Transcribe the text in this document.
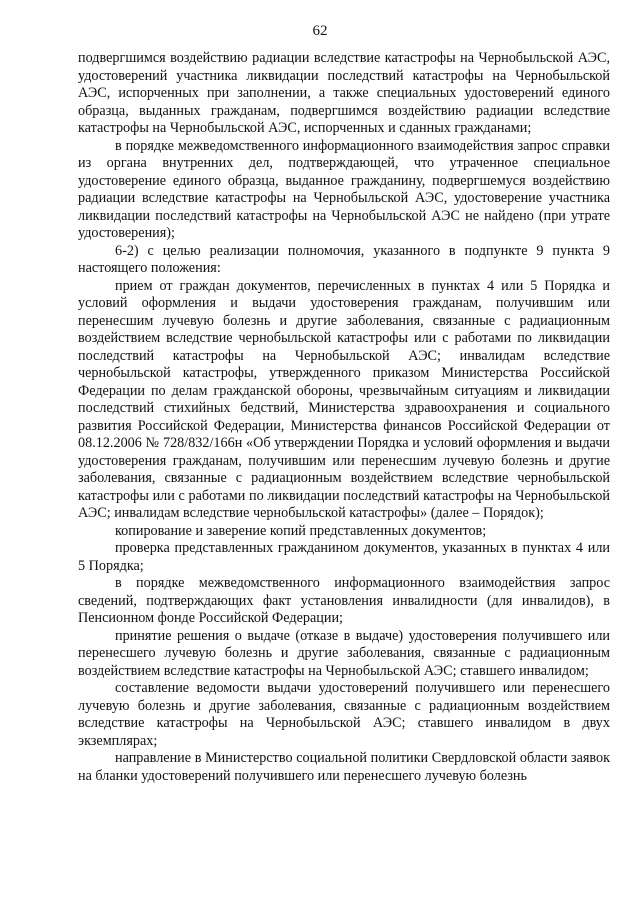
62

подвергшимся воздействию радиации вследствие катастрофы на Чернобыльской АЭС, удостоверений участника ликвидации последствий катастрофы на Чернобыльской АЭС, испорченных при заполнении, а также специальных удостоверений единого образца, выданных гражданам, подвергшимся воздействию радиации вследствие катастрофы на Чернобыльской АЭС, испорченных и сданных гражданами;

в порядке межведомственного информационного взаимодействия запрос справки из органа внутренних дел, подтверждающей, что утраченное специальное удостоверение единого образца, выданное гражданину, подвергшемуся воздействию радиации вследствие катастрофы на Чернобыльской АЭС, удостоверение участника ликвидации последствий катастрофы на Чернобыльской АЭС не найдено (при утрате удостоверения);

6-2) с целью реализации полномочия, указанного в подпункте 9 пункта 9 настоящего положения:

прием от граждан документов, перечисленных в пунктах 4 или 5 Порядка и условий оформления и выдачи удостоверения гражданам, получившим или перенесшим лучевую болезнь и другие заболевания, связанные с радиационным воздействием вследствие чернобыльской катастрофы или с работами по ликвидации последствий катастрофы на Чернобыльской АЭС; инвалидам вследствие чернобыльской катастрофы, утвержденного приказом Министерства Российской Федерации по делам гражданской обороны, чрезвычайным ситуациям и ликвидации последствий стихийных бедствий, Министерства здравоохранения и социального развития Российской Федерации, Министерства финансов Российской Федерации от 08.12.2006 № 728/832/166н «Об утверждении Порядка и условий оформления и выдачи удостоверения гражданам, получившим или перенесшим лучевую болезнь и другие заболевания, связанные с радиационным воздействием вследствие чернобыльской катастрофы или с работами по ликвидации последствий катастрофы на Чернобыльской АЭС; инвалидам вследствие чернобыльской катастрофы» (далее – Порядок);

копирование и заверение копий представленных документов;

проверка представленных гражданином документов, указанных в пунктах 4 или 5 Порядка;

в порядке межведомственного информационного взаимодействия запрос сведений, подтверждающих факт установления инвалидности (для инвалидов), в Пенсионном фонде Российской Федерации;

принятие решения о выдаче (отказе в выдаче) удостоверения получившего или перенесшего лучевую болезнь и другие заболевания, связанные с радиационным воздействием вследствие катастрофы на Чернобыльской АЭС; ставшего инвалидом;

составление ведомости выдачи удостоверений получившего или перенесшего лучевую болезнь и другие заболевания, связанные с радиационным воздействием вследствие катастрофы на Чернобыльской АЭС; ставшего инвалидом в двух экземплярах;

направление в Министерство социальной политики Свердловской области заявок на бланки удостоверений получившего или перенесшего лучевую болезнь
